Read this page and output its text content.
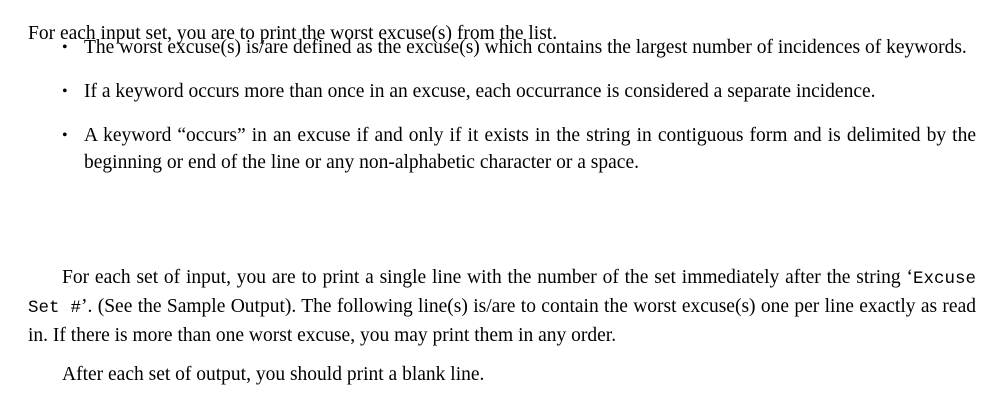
For each input set, you are to print the worst excuse(s) from the list.

• The worst excuse(s) is/are defined as the excuse(s) which contains the largest number of incidences of keywords.
• If a keyword occurs more than once in an excuse, each occurrance is considered a separate incidence.
• A keyword “occurs” in an excuse if and only if it exists in the string in contiguous form and is delimited by the beginning or end of the line or any non-alphabetic character or a space.

For each set of input, you are to print a single line with the number of the set immediately after the string ‘Excuse Set #’. (See the Sample Output). The following line(s) is/are to contain the worst excuse(s) one per line exactly as read in. If there is more than one worst excuse, you may print them in any order.

After each set of output, you should print a blank line.
